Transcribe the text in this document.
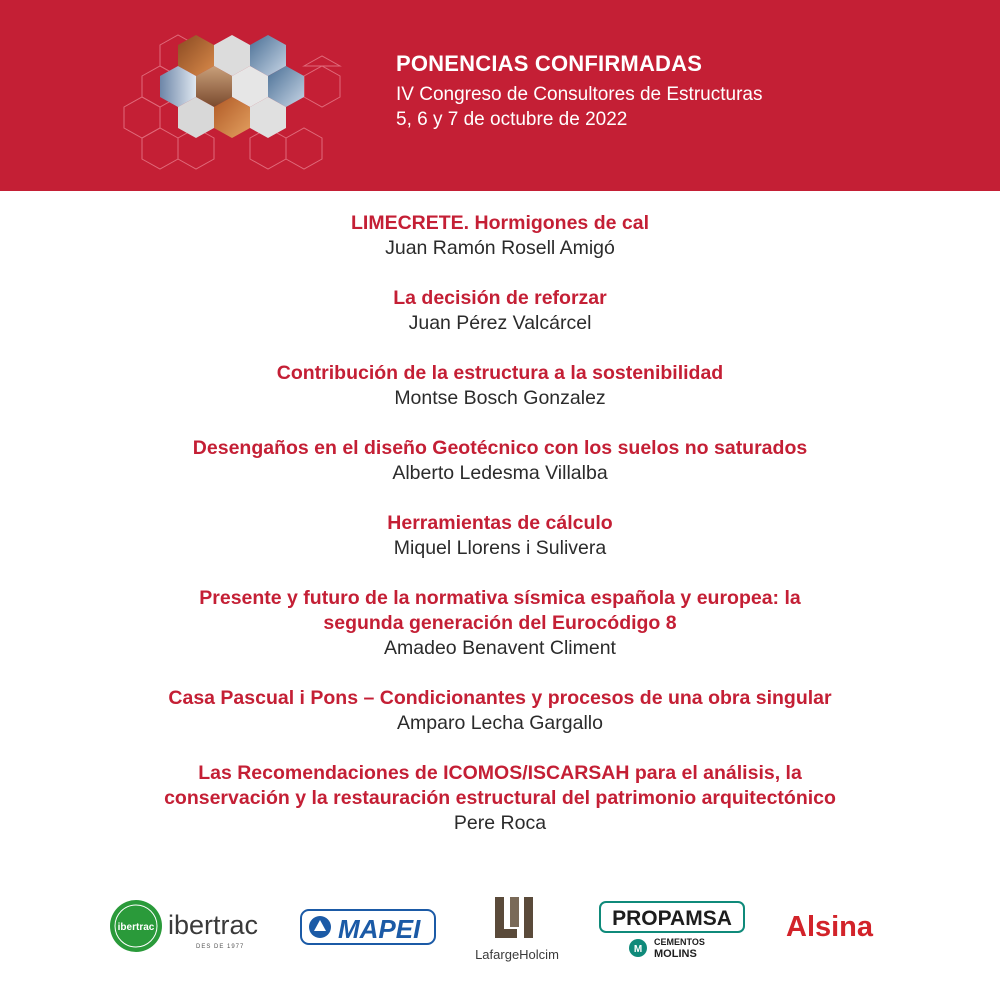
PONENCIAS CONFIRMADAS
IV Congreso de Consultores de Estructuras
5, 6 y 7 de octubre de 2022
LIMECRETE. Hormigones de cal
Juan Ramón Rosell Amigó
La decisión de reforzar
Juan Pérez Valcárcel
Contribución de la estructura a la sostenibilidad
Montse Bosch Gonzalez
Desengaños en el diseño Geotécnico con los suelos no saturados
Alberto Ledesma Villalba
Herramientas de cálculo
Miquel Llorens i Sulivera
Presente y futuro de la normativa sísmica española y europea: la segunda generación del Eurocódigo 8
Amadeo Benavent Climent
Casa Pascual i Pons – Condicionantes y procesos de una obra singular
Amparo Lecha Gargallo
Las Recomendaciones de ICOMOS/ISCARSAH para el análisis, la conservación y la restauración estructural del patrimonio arquitectónico
Pere Roca
ibertrac ibertrac
DES DE 1977
MAPEI
LafargeHolcim
PROPAMSA
M
CEMENTOS
MOLINS
Alsina
